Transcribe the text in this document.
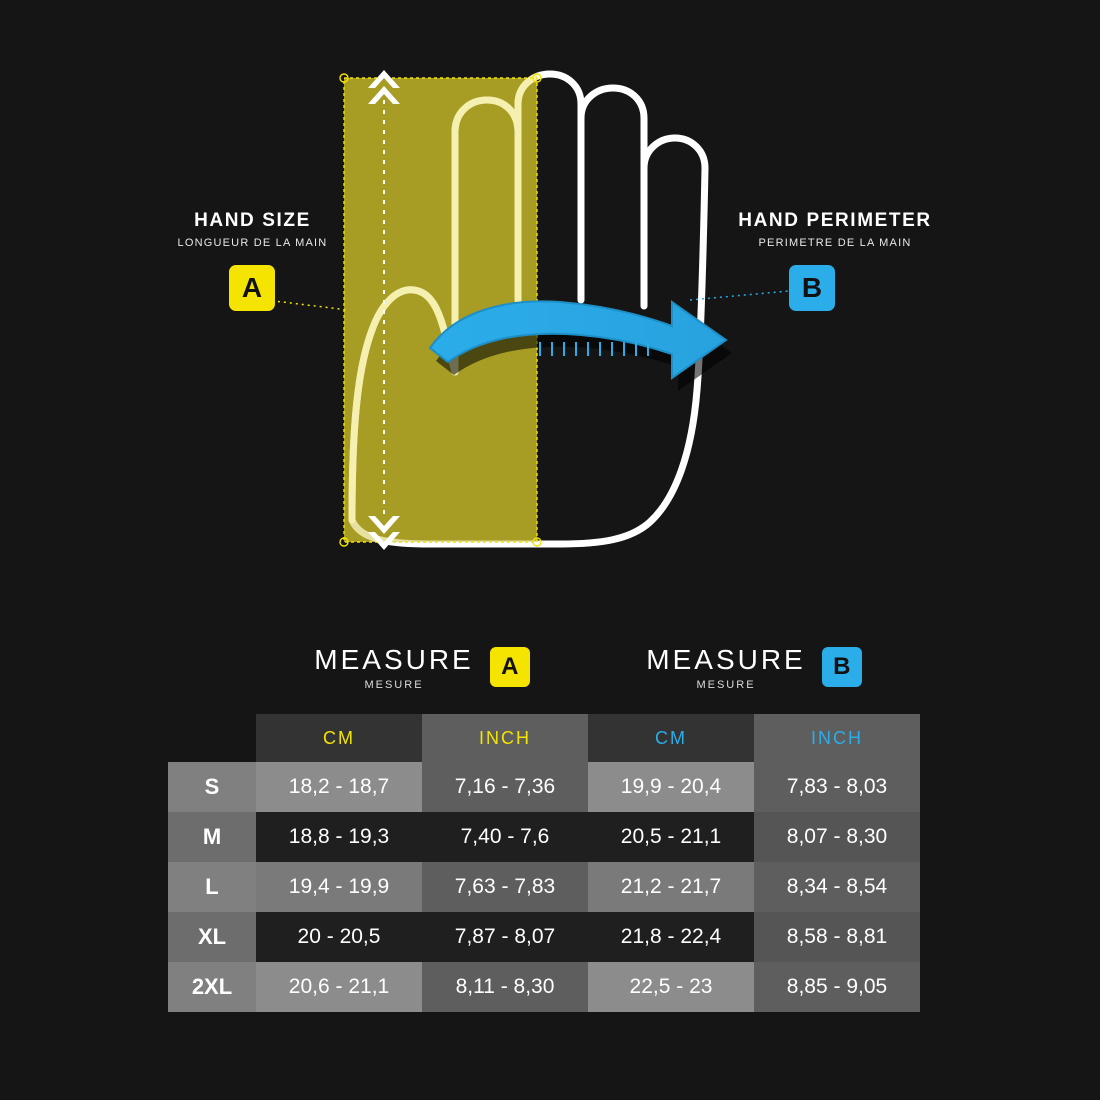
HAND SIZE
LONGUEUR DE LA MAIN
A
HAND PERIMETER
PERIMETRE DE LA MAIN
B

MEASURE
MESURE
A	MEASURE
MESURE
B

	CM	INCH	CM	INCH
S	18,2 - 18,7	7,16 - 7,36	19,9 - 20,4	7,83 - 8,03
M	18,8 - 19,3	7,40 - 7,6	20,5 - 21,1	8,07 - 8,30
L	19,4 - 19,9	7,63 - 7,83	21,2 - 21,7	8,34 - 8,54
XL	20 - 20,5	7,87 - 8,07	21,8 - 22,4	8,58 - 8,81
2XL	20,6 - 21,1	8,11 - 8,30	22,5 - 23	8,85 - 9,05
